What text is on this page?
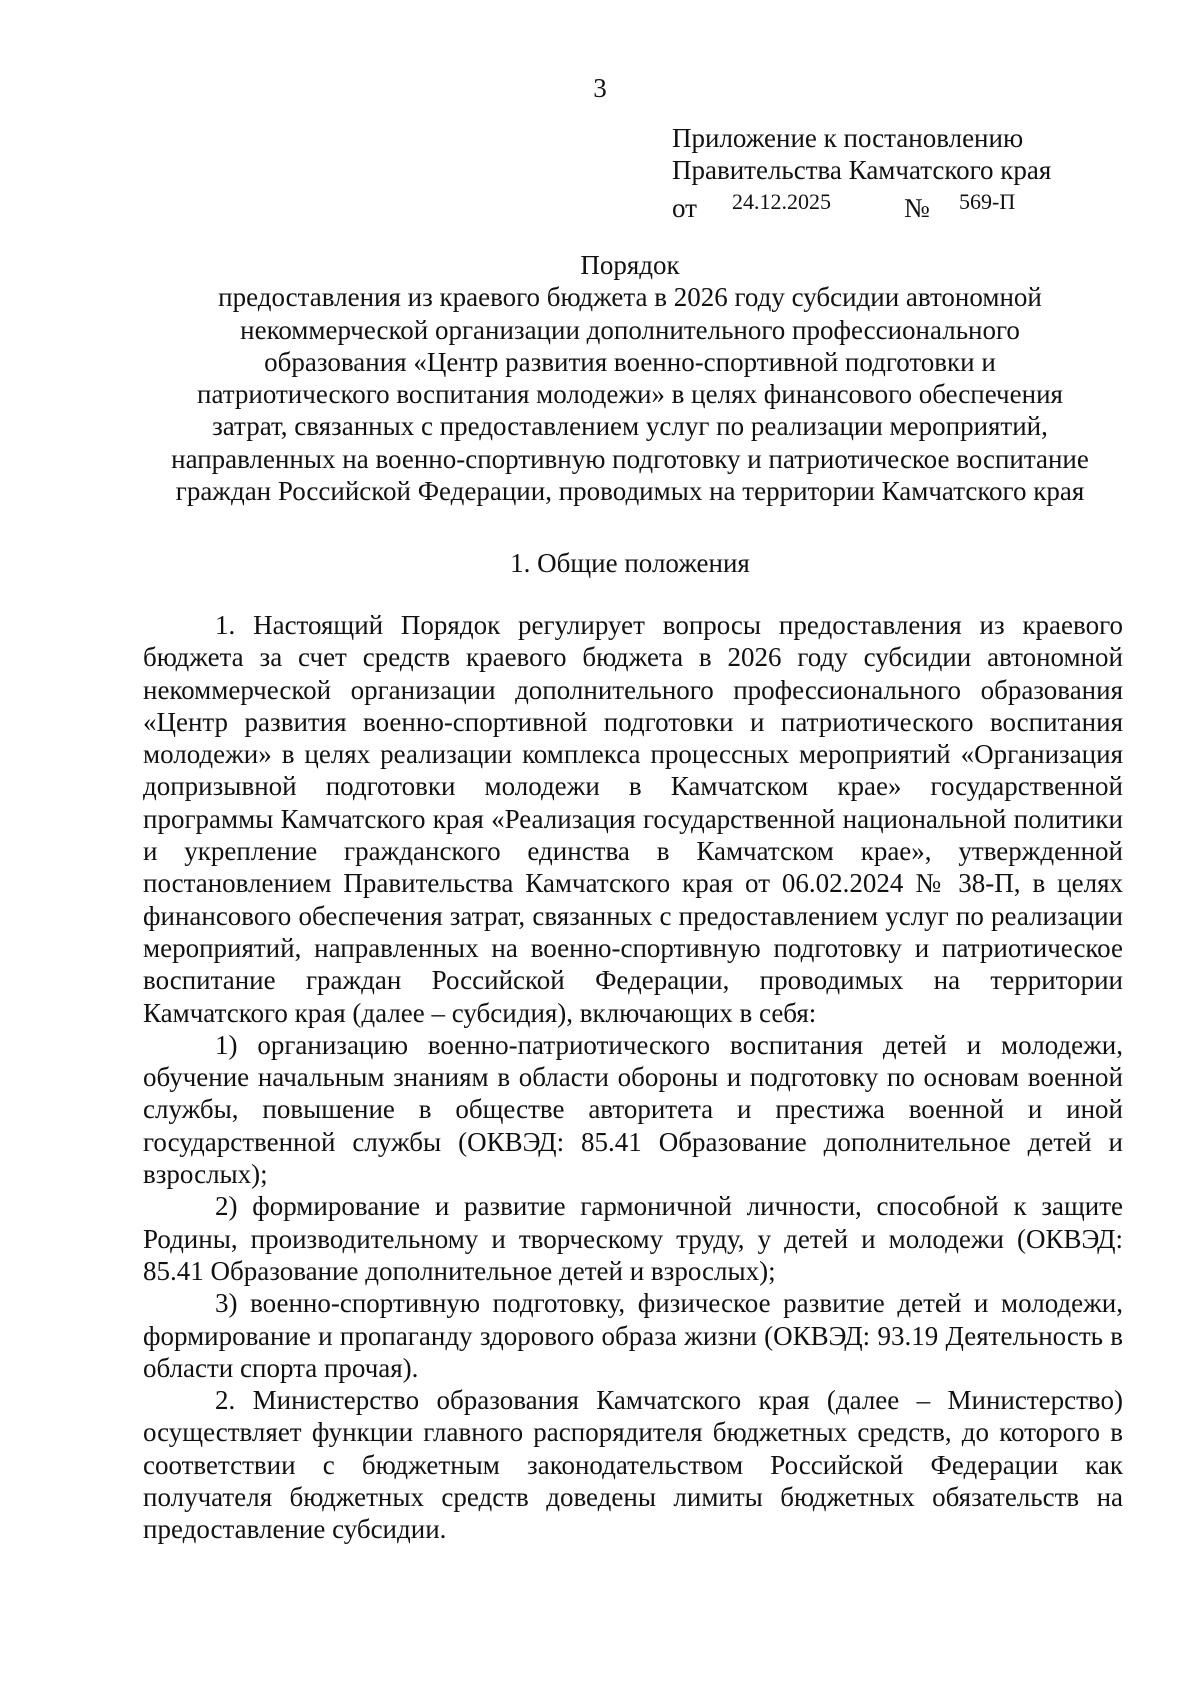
3
Приложение к постановлению
Правительства Камчатского края
от 24.12.2025	№ 569-П
Порядок
предоставления из краевого бюджета в 2026 году субсидии автономной
некоммерческой организации дополнительного профессионального
образования «Центр развития военно-спортивной подготовки и
патриотического воспитания молодежи» в целях финансового обеспечения
затрат, связанных с предоставлением услуг по реализации мероприятий,
направленных на военно-спортивную подготовку и патриотическое воспитание
граждан Российской Федерации, проводимых на территории Камчатского края
1. Общие положения

1. Настоящий Порядок регулирует вопросы предоставления из краевого бюджета за счет средств краевого бюджета в 2026 году субсидии автономной некоммерческой организации дополнительного профессионального образования «Центр развития военно-спортивной подготовки и патриотического воспитания молодежи» в целях реализации комплекса процессных мероприятий «Организация допризывной подготовки молодежи в Камчатском крае» государственной программы Камчатского края «Реализация государственной национальной политики и укрепление гражданского единства в Камчатском крае», утвержденной постановлением Правительства Камчатского края от 06.02.2024 № 38-П, в целях финансового обеспечения затрат, связанных с предоставлением услуг по реализации мероприятий, направленных на военно-спортивную подготовку и патриотическое воспитание граждан Российской Федерации, проводимых на территории Камчатского края (далее – субсидия), включающих в себя:

1) организацию военно-патриотического воспитания детей и молодежи, обучение начальным знаниям в области обороны и подготовку по основам военной службы, повышение в обществе авторитета и престижа военной и иной государственной службы (ОКВЭД: 85.41 Образование дополнительное детей и взрослых);

2) формирование и развитие гармоничной личности, способной к защите Родины, производительному и творческому труду, у детей и молодежи (ОКВЭД: 85.41 Образование дополнительное детей и взрослых);

3) военно-спортивную подготовку, физическое развитие детей и молодежи, формирование и пропаганду здорового образа жизни (ОКВЭД: 93.19 Деятельность в области спорта прочая).

2. Министерство образования Камчатского края (далее – Министерство) осуществляет функции главного распорядителя бюджетных средств, до которого в соответствии с бюджетным законодательством Российской Федерации как получателя бюджетных средств доведены лимиты бюджетных обязательств на предоставление субсидии.
